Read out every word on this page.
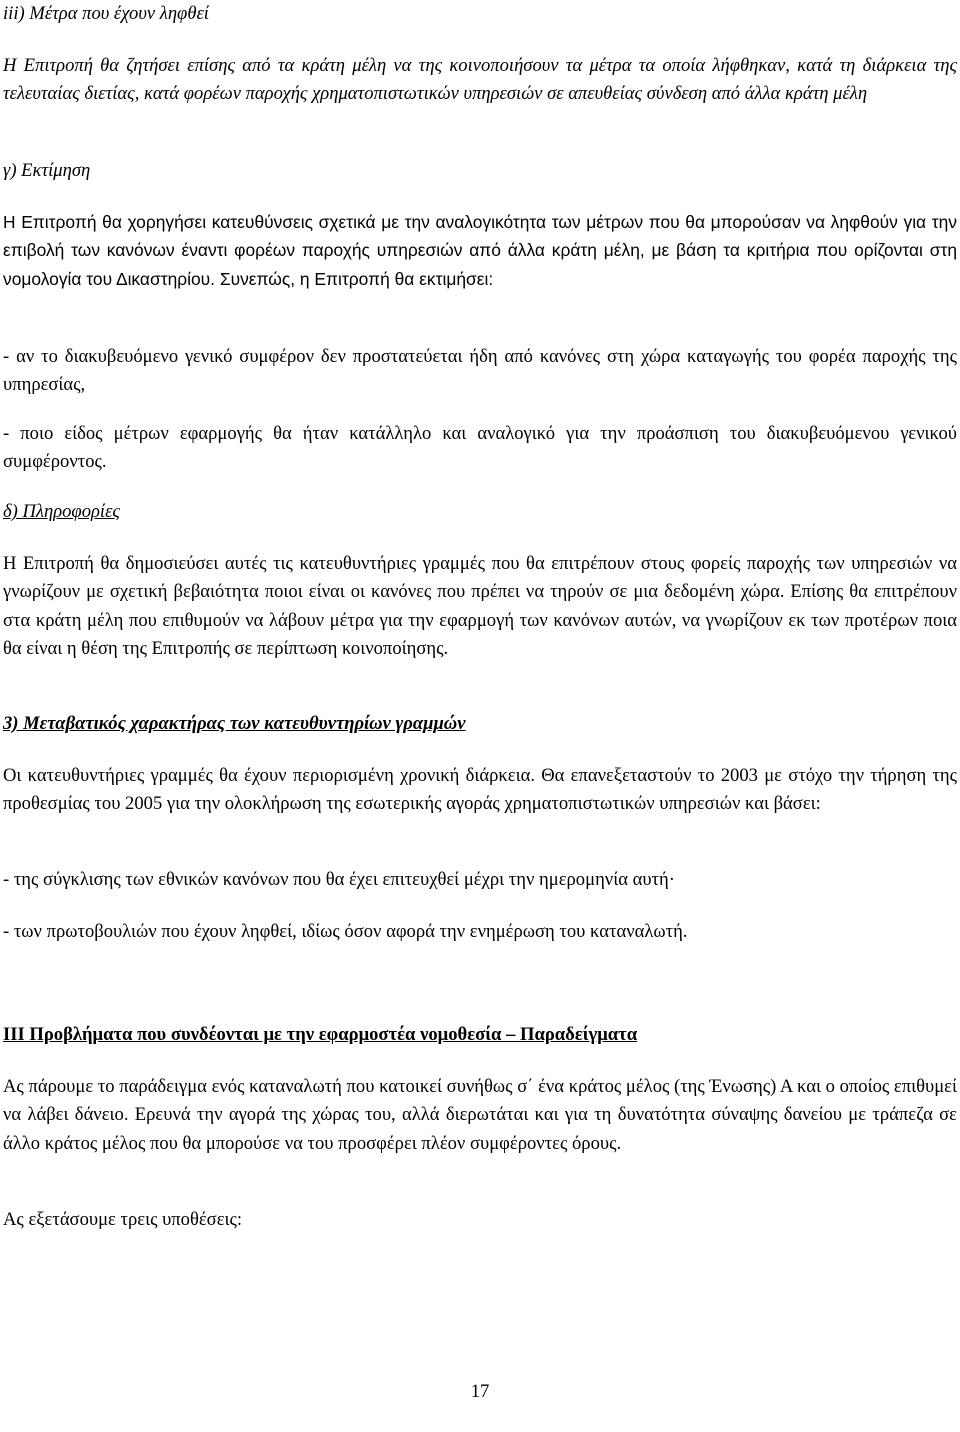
iii) Μέτρα που έχουν ληφθεί
Η Επιτροπή θα ζητήσει επίσης από τα κράτη μέλη να της κοινοποιήσουν τα μέτρα τα οποία λήφθηκαν, κατά τη διάρκεια της τελευταίας διετίας, κατά φορέων παροχής χρηματοπιστωτικών υπηρεσιών σε απευθείας σύνδεση από άλλα κράτη μέλη
γ) Εκτίμηση
Η Επιτροπή θα χορηγήσει κατευθύνσεις σχετικά με την αναλογικότητα των μέτρων που θα μπορούσαν να ληφθούν για την επιβολή των κανόνων έναντι φορέων παροχής υπηρεσιών από άλλα κράτη μέλη, με βάση τα κριτήρια που ορίζονται στη νομολογία του Δικαστηρίου. Συνεπώς, η Επιτροπή θα εκτιμήσει:
- αν το διακυβευόμενο γενικό συμφέρον δεν προστατεύεται ήδη από κανόνες στη χώρα καταγωγής του φορέα παροχής της υπηρεσίας,
- ποιο είδος μέτρων εφαρμογής θα ήταν κατάλληλο και αναλογικό για την προάσπιση του διακυβευόμενου γενικού συμφέροντος.
δ) Πληροφορίες
Η Επιτροπή θα δημοσιεύσει αυτές τις κατευθυντήριες γραμμές που θα επιτρέπουν στους φορείς παροχής των υπηρεσιών να γνωρίζουν με σχετική βεβαιότητα ποιοι είναι οι κανόνες που πρέπει να τηρούν σε μια δεδομένη χώρα. Επίσης θα επιτρέπουν στα κράτη μέλη που επιθυμούν να λάβουν μέτρα για την εφαρμογή των κανόνων αυτών, να γνωρίζουν εκ των προτέρων ποια θα είναι η θέση της Επιτροπής σε περίπτωση κοινοποίησης.
3) Μεταβατικός χαρακτήρας των κατευθυντηρίων γραμμών
Οι κατευθυντήριες γραμμές θα έχουν περιορισμένη χρονική διάρκεια. Θα επανεξεταστούν το 2003 με στόχο την τήρηση της προθεσμίας του 2005 για την ολοκλήρωση της εσωτερικής αγοράς χρηματοπιστωτικών υπηρεσιών και βάσει:
- της σύγκλισης των εθνικών κανόνων που θα έχει επιτευχθεί μέχρι την ημερομηνία αυτή·
- των πρωτοβουλιών που έχουν ληφθεί, ιδίως όσον αφορά την ενημέρωση του καταναλωτή.
ΙΙΙ Προβλήματα που συνδέονται με την εφαρμοστέα νομοθεσία – Παραδείγματα
Ας πάρουμε το παράδειγμα ενός καταναλωτή που κατοικεί συνήθως σ΄ ένα κράτος μέλος (της Ένωσης) Α και ο οποίος επιθυμεί να λάβει δάνειο. Ερευνά την αγορά της χώρας του, αλλά διερωτάται και για τη δυνατότητα σύναψης δανείου με τράπεζα σε άλλο κράτος μέλος που θα μπορούσε να του προσφέρει πλέον συμφέροντες όρους.
Ας εξετάσουμε τρεις υποθέσεις:
17
